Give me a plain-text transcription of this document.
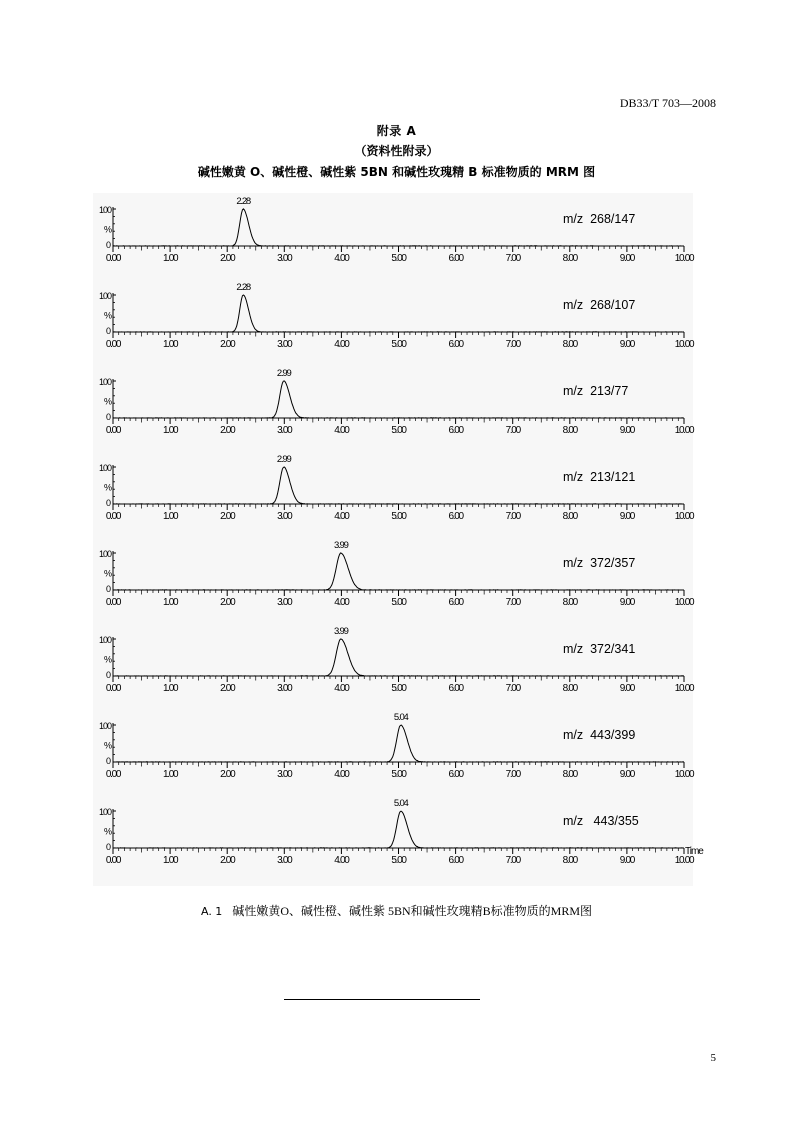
DB33/T 703—2008
附录 A
（资料性附录）
碱性嫩黄 O、碱性橙、碱性紫 5BN 和碱性玫瑰精 B 标准物质的 MRM 图
100
%
0
0.00	1.00	2.00	3.00	4.00	5.00	6.00	7.00	8.00	9.00	10.00
2.28
m/z  268/147
100
%
0
0.00	1.00	2.00	3.00	4.00	5.00	6.00	7.00	8.00	9.00	10.00
2.28
m/z  268/107
100
%
0
0.00	1.00	2.00	3.00	4.00	5.00	6.00	7.00	8.00	9.00	10.00
2.99
m/z  213/77
100
%
0
0.00	1.00	2.00	3.00	4.00	5.00	6.00	7.00	8.00	9.00	10.00
2.99
m/z  213/121
100
%
0
0.00	1.00	2.00	3.00	4.00	5.00	6.00	7.00	8.00	9.00	10.00
3.99
m/z  372/357
100
%
0
0.00	1.00	2.00	3.00	4.00	5.00	6.00	7.00	8.00	9.00	10.00
3.99
m/z  372/341
100
%
0
0.00	1.00	2.00	3.00	4.00	5.00	6.00	7.00	8.00	9.00	10.00
5.04
m/z  443/399
100
%
0
0.00	1.00	2.00	3.00	4.00	5.00	6.00	7.00	8.00	9.00	10.00
Time
5.04
m/z   443/355
A. 1 碱性嫩黄O、碱性橙、碱性紫 5BN和碱性玫瑰精B标准物质的MRM图
5
